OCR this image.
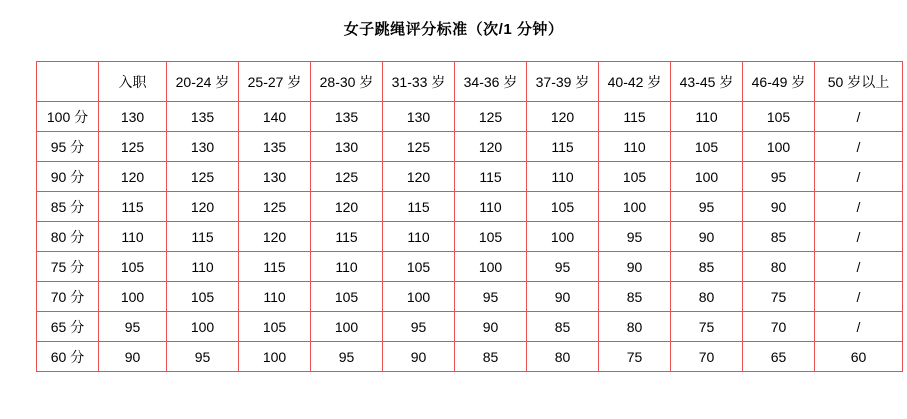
女子跳绳评分标准（次/1 分钟）
	入职	20-24 岁	25-27 岁	28-30 岁	31-33 岁	34-36 岁	37-39 岁	40-42 岁	43-45 岁	46-49 岁	50 岁以上
100 分	130	135	140	135	130	125	120	115	110	105	/
95 分	125	130	135	130	125	120	115	110	105	100	/
90 分	120	125	130	125	120	115	110	105	100	95	/
85 分	115	120	125	120	115	110	105	100	95	90	/
80 分	110	115	120	115	110	105	100	95	90	85	/
75 分	105	110	115	110	105	100	95	90	85	80	/
70 分	100	105	110	105	100	95	90	85	80	75	/
65 分	95	100	105	100	95	90	85	80	75	70	/
60 分	90	95	100	95	90	85	80	75	70	65	60
